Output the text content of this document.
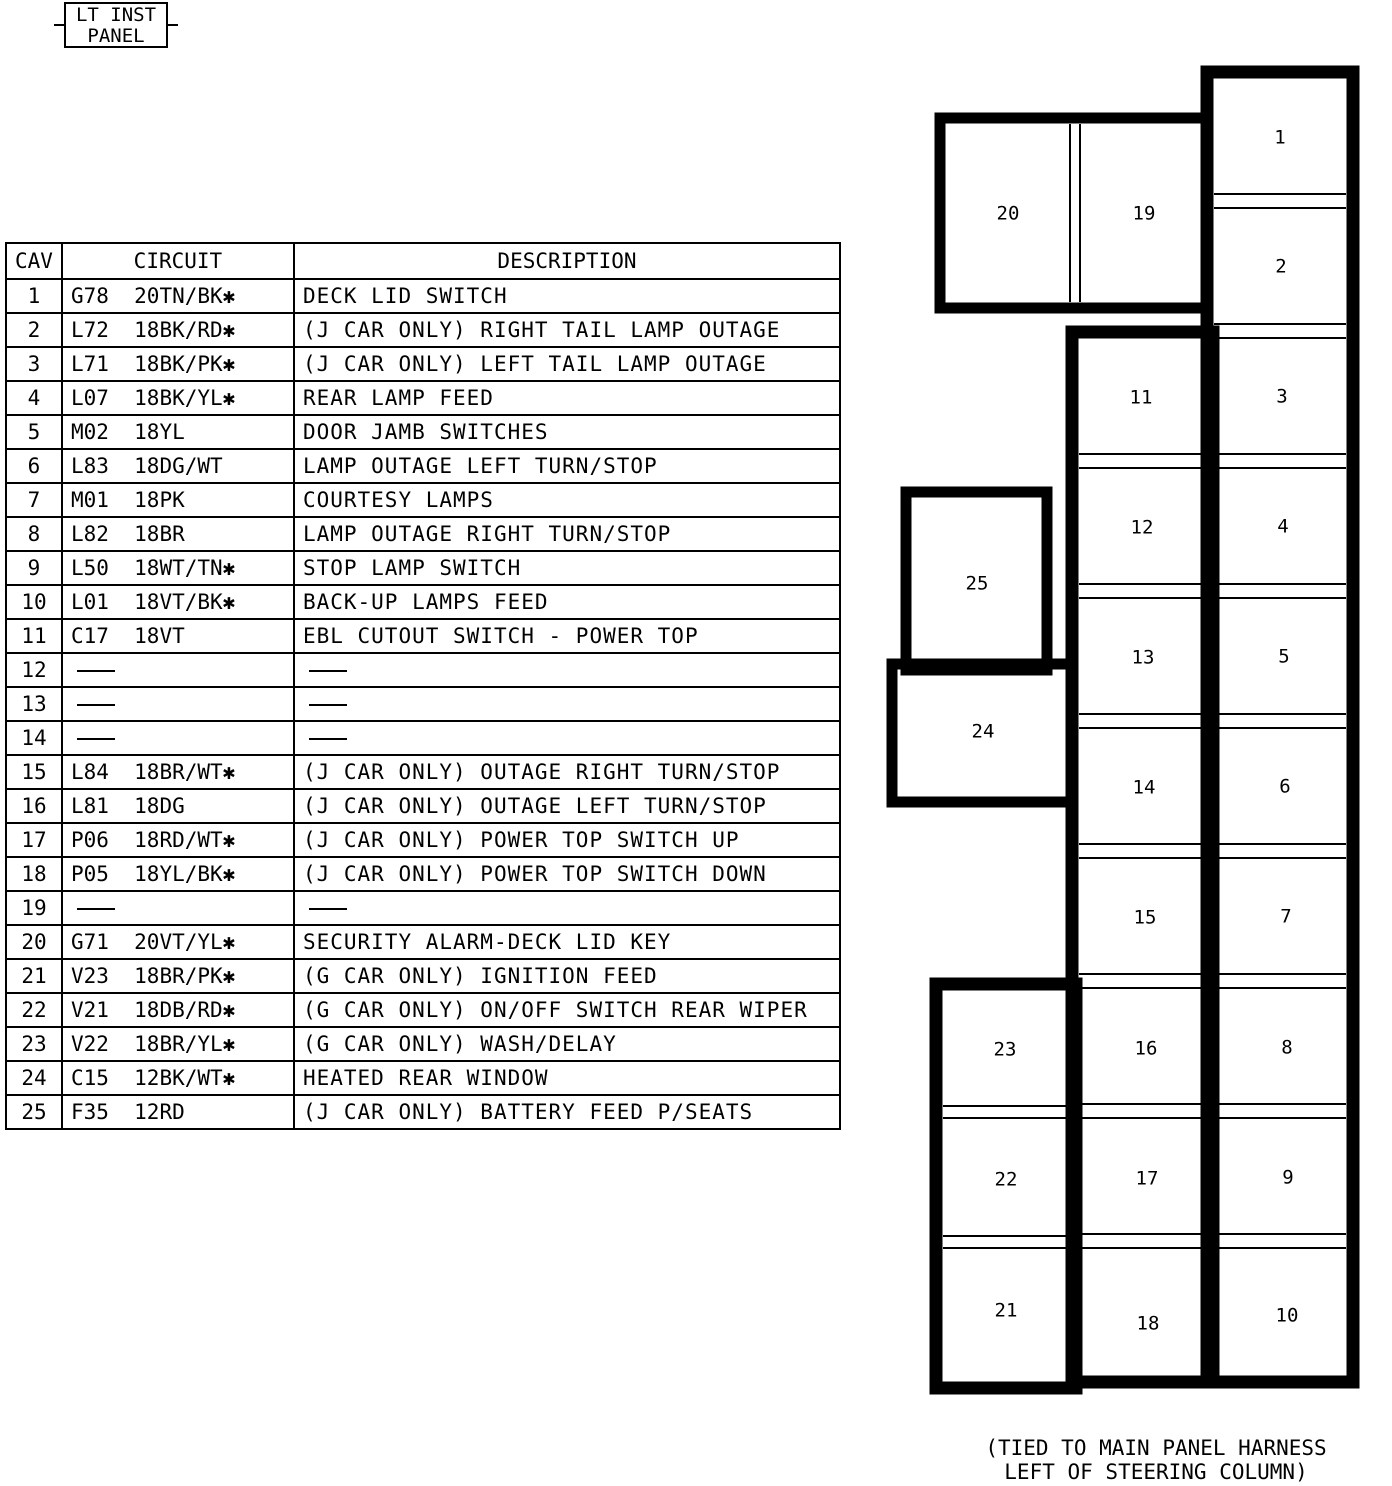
LT INST
PANEL
CAV	CIRCUIT	DESCRIPTION
1	G78  20TN/BK✱	DECK LID SWITCH
2	L72  18BK/RD✱	(J CAR ONLY) RIGHT TAIL LAMP OUTAGE
3	L71  18BK/PK✱	(J CAR ONLY) LEFT TAIL LAMP OUTAGE
4	L07  18BK/YL✱	REAR LAMP FEED
5	M02  18YL	DOOR JAMB SWITCHES
6	L83  18DG/WT	LAMP OUTAGE LEFT TURN/STOP
7	M01  18PK	COURTESY LAMPS
8	L82  18BR	LAMP OUTAGE RIGHT TURN/STOP
9	L50  18WT/TN✱	STOP LAMP SWITCH
10	L01  18VT/BK✱	BACK-UP LAMPS FEED
11	C17  18VT	EBL CUTOUT SWITCH - POWER TOP
12		
13		
14		
15	L84  18BR/WT✱	(J CAR ONLY) OUTAGE RIGHT TURN/STOP
16	L81  18DG	(J CAR ONLY) OUTAGE LEFT TURN/STOP
17	P06  18RD/WT✱	(J CAR ONLY) POWER TOP SWITCH UP
18	P05  18YL/BK✱	(J CAR ONLY) POWER TOP SWITCH DOWN
19		
20	G71  20VT/YL✱	SECURITY ALARM-DECK LID KEY
21	V23  18BR/PK✱	(G CAR ONLY) IGNITION FEED
22	V21  18DB/RD✱	(G CAR ONLY) ON/OFF SWITCH REAR WIPER
23	V22  18BR/YL✱	(G CAR ONLY) WASH/DELAY
24	C15  12BK/WT✱	HEATED REAR WINDOW
25	F35  12RD	(J CAR ONLY) BATTERY FEED P/SEATS
1
2
3
4
5
6
7
8
9
10
11
12
13
14
15
16
17
18
19
20
21
22
23
24
25
(TIED TO MAIN PANEL HARNESS
LEFT OF STEERING COLUMN)
